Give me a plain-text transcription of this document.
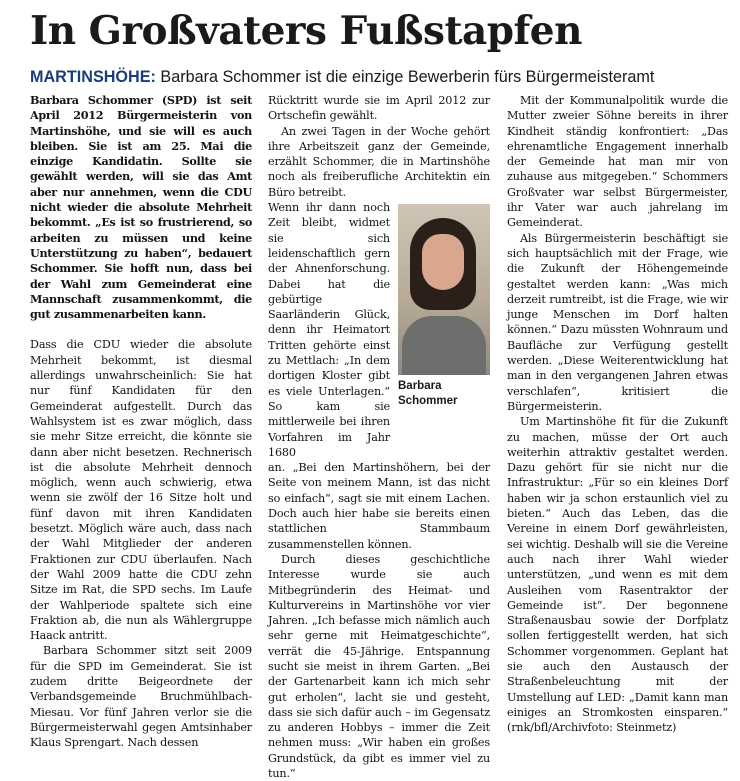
In Großvaters Fußstapfen
MARTINSHÖHE: Barbara Schommer ist die einzige Bewerberin fürs Bürgermeisteramt

Barbara Schommer (SPD) ist seit April 2012 Bürgermeisterin von Martinshöhe, und sie will es auch bleiben. Sie ist am 25. Mai die einzige Kandidatin. Sollte sie gewählt werden, will sie das Amt aber nur annehmen, wenn die CDU nicht wieder die absolute Mehrheit bekommt. „Es ist so frustrierend, so arbeiten zu müssen und keine Unterstützung zu haben“, bedauert Schommer. Sie hofft nun, dass bei der Wahl zum Gemeinderat eine Mannschaft zusammenkommt, die gut zusammenarbeiten kann.

Dass die CDU wieder die absolute Mehrheit bekommt, ist diesmal allerdings unwahrscheinlich: Sie hat nur fünf Kandidaten für den Gemeinderat aufgestellt. Durch das Wahlsystem ist es zwar möglich, dass sie mehr Sitze erreicht, die könnte sie dann aber nicht besetzen. Rechnerisch ist die absolute Mehrheit dennoch möglich, wenn auch schwierig, etwa wenn sie zwölf der 16 Sitze holt und fünf davon mit ihren Kandidaten besetzt. Möglich wäre auch, dass nach der Wahl Mitglieder der anderen Fraktionen zur CDU überlaufen. Nach der Wahl 2009 hatte die CDU zehn Sitze im Rat, die SPD sechs. Im Laufe der Wahlperiode spaltete sich eine Fraktion ab, die nun als Wählergruppe Haack antritt.

Barbara Schommer sitzt seit 2009 für die SPD im Gemeinderat. Sie ist zudem dritte Beigeordnete der Verbandsgemeinde Bruchmühlbach-Miesau. Vor fünf Jahren verlor sie die Bürgermeisterwahl gegen Amtsinhaber Klaus Sprengart. Nach dessen

Rücktritt wurde sie im April 2012 zur Ortschefin gewählt.

An zwei Tagen in der Woche gehört ihre Arbeitszeit ganz der Gemeinde, erzählt Schommer, die in Martinshöhe noch als freiberufliche Architektin ein Büro betreibt.

Wenn ihr dann noch Zeit bleibt, widmet sie sich leidenschaftlich gern der Ahnenforschung. Dabei hat die gebürtige Saarländerin Glück, denn ihr Heimatort Tritten gehörte einst zu Mettlach: „In dem dortigen Kloster gibt es viele Unterlagen.“ So kam sie mittlerweile bei ihren Vorfahren im Jahr 1680

an. „Bei den Martinshöhern, bei der Seite von meinem Mann, ist das nicht so einfach“, sagt sie mit einem Lachen. Doch auch hier habe sie bereits einen stattlichen Stammbaum zusammenstellen können.

Durch dieses geschichtliche Interesse wurde sie auch Mitbegründerin des Heimat- und Kulturvereins in Martinshöhe vor vier Jahren. „Ich befasse mich nämlich auch sehr gerne mit Heimatgeschichte“, verrät die 45-Jährige. Entspannung sucht sie meist in ihrem Garten. „Bei der Gartenarbeit kann ich mich sehr gut erholen“, lacht sie und gesteht, dass sie sich dafür auch – im Gegensatz zu anderen Hobbys – immer die Zeit nehmen muss: „Wir haben ein großes Grundstück, da gibt es immer viel zu tun.“

Barbara Schommer

Mit der Kommunalpolitik wurde die Mutter zweier Söhne bereits in ihrer Kindheit ständig konfrontiert: „Das ehrenamtliche Engagement innerhalb der Gemeinde hat man mir von zuhause aus mitgegeben.“ Schommers Großvater war selbst Bürgermeister, ihr Vater war auch jahrelang im Gemeinderat.

Als Bürgermeisterin beschäftigt sie sich hauptsächlich mit der Frage, wie die Zukunft der Höhengemeinde gestaltet werden kann: „Was mich derzeit rumtreibt, ist die Frage, wie wir junge Menschen im Dorf halten können.“ Dazu müssten Wohnraum und Baufläche zur Verfügung gestellt werden. „Diese Weiterentwicklung hat man in den vergangenen Jahren etwas verschlafen“, kritisiert die Bürgermeisterin.

Um Martinshöhe fit für die Zukunft zu machen, müsse der Ort auch weiterhin attraktiv gestaltet werden. Dazu gehört für sie nicht nur die Infrastruktur: „Für so ein kleines Dorf haben wir ja schon erstaunlich viel zu bieten.“ Auch das Leben, das die Vereine in einem Dorf gewährleisten, sei wichtig. Deshalb will sie die Vereine auch nach ihrer Wahl wieder unterstützen, „und wenn es mit dem Ausleihen vom Rasentraktor der Gemeinde ist“. Der begonnene Straßenausbau sowie der Dorfplatz sollen fertiggestellt werden, hat sich Schommer vorgenommen. Geplant hat sie auch den Austausch der Straßenbeleuchtung mit der Umstellung auf LED: „Damit kann man einiges an Stromkosten einsparen.“ (rnk/bfl/Archivfoto: Steinmetz)
